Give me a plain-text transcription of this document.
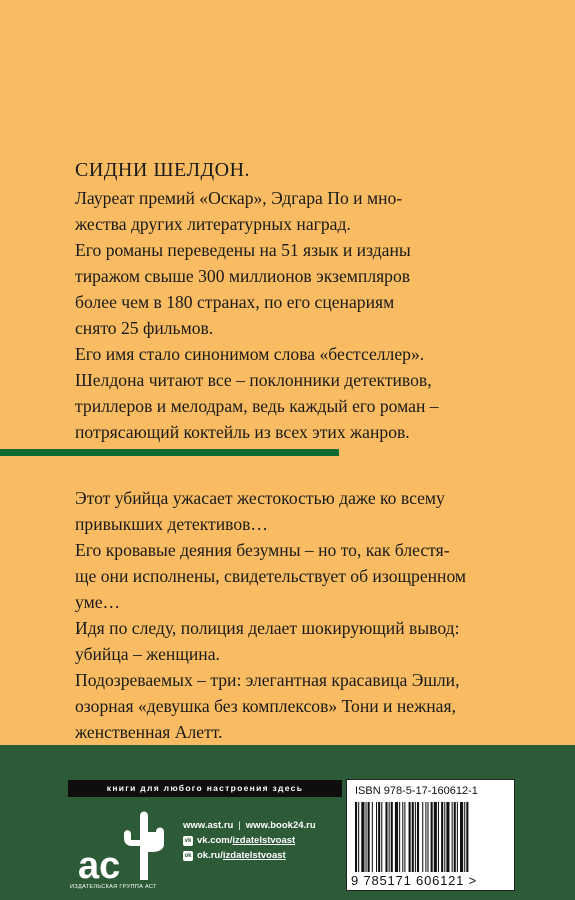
СИДНИ ШЕЛДОН.
Лауреат премий «Оскар», Эдгара По и мно-
жества других литературных наград.
Его романы переведены на 51 язык и изданы
тиражом свыше 300 миллионов экземпляров
более чем в 180 странах, по его сценариям
снято 25 фильмов.
Его имя стало синонимом слова «бестселлер».
Шелдона читают все – поклонники детективов,
триллеров и мелодрам, ведь каждый его роман –
потрясающий коктейль из всех этих жанров.
Этот убийца ужасает жестокостью даже ко всему
привыкших детективов…
Его кровавые деяния безумны – но то, как блестя-
ще они исполнены, свидетельствует об изощренном
уме…
Идя по следу, полиция делает шокирующий вывод:
убийца – женщина.
Подозреваемых – три: элегантная красавица Эшли,
озорная «девушка без комплексов» Тони и нежная,
женственная Алетт.
книги для любого настроения здесь
ас
ИЗДАТЕЛЬСКАЯ ГРУППА АСТ
www.ast.ru | www.book24.ru
vk vk.com/ izdatelstvoast
ok ok.ru/ izdatelstvoast
ISBN 978-5-17-160612-1
9 785171 606121 >
